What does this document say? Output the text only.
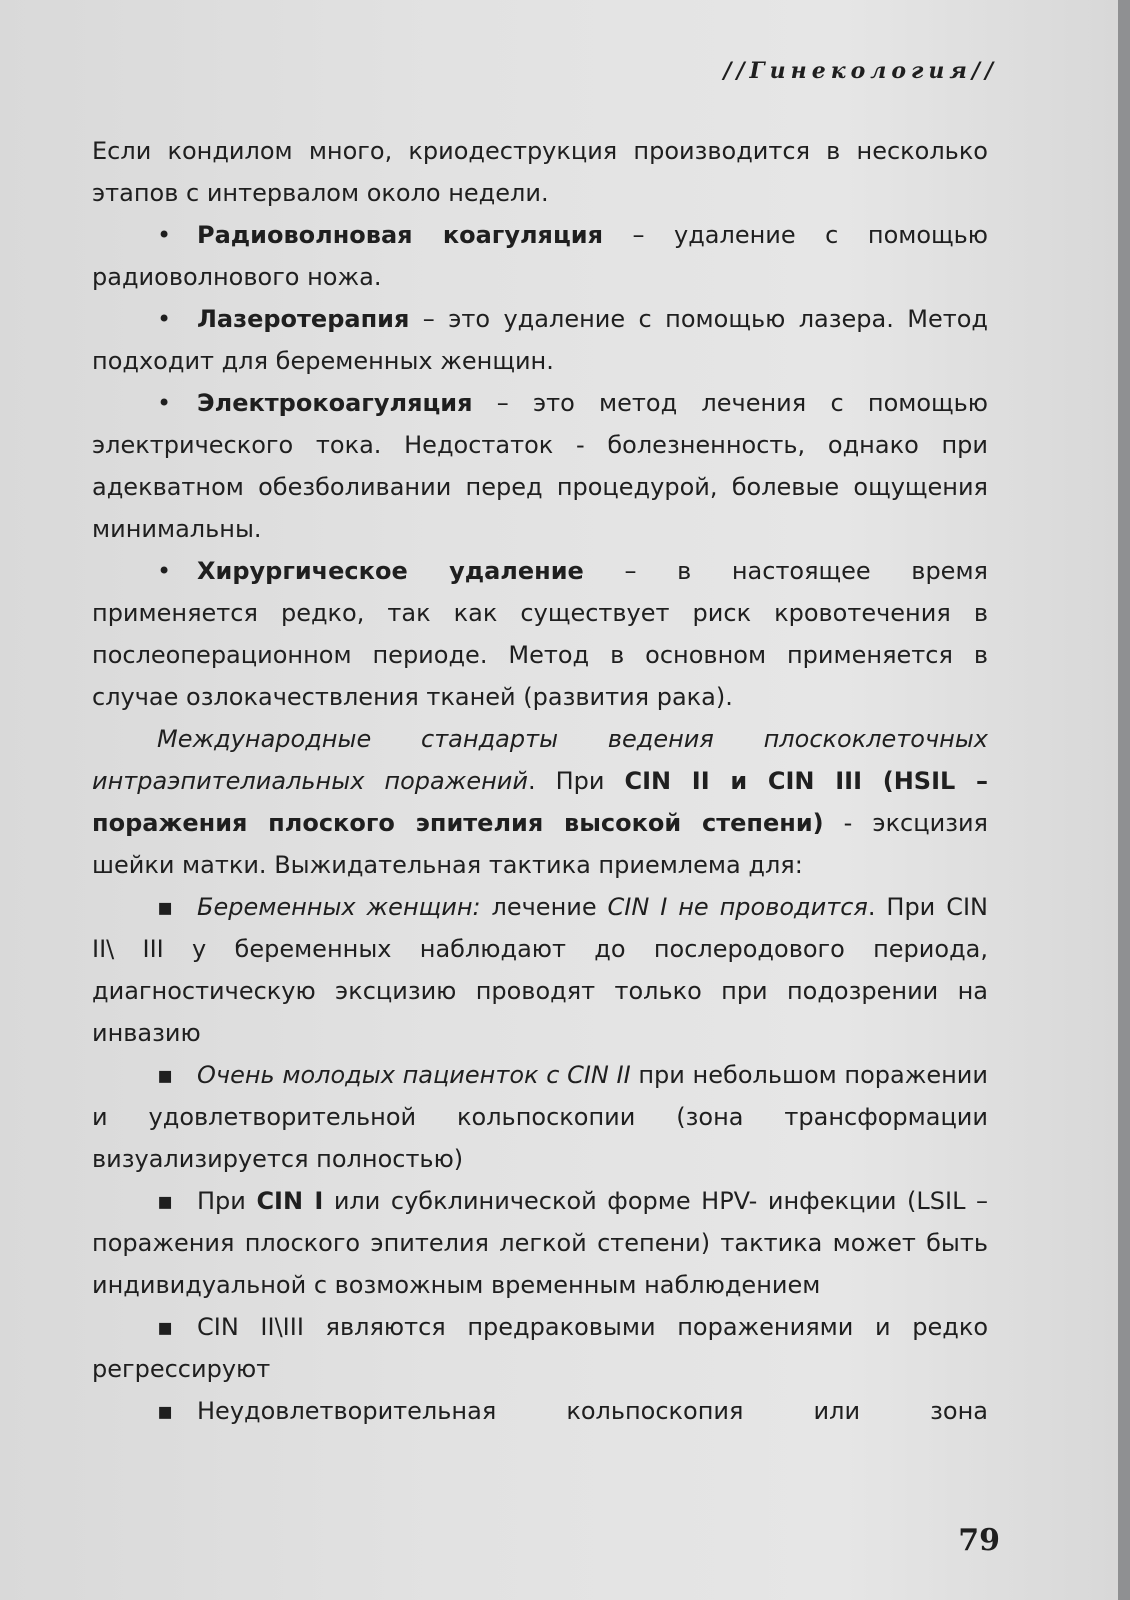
//Гинекология//

Если кондилом много, криодеструкция производится в несколько этапов с интервалом около недели.

• Радиоволновая коагуляция – удаление с помощью радиоволнового ножа.

• Лазеротерапия – это удаление с помощью лазера. Метод подходит для беременных женщин.

• Электрокоагуляция – это метод лечения с помощью электрического тока. Недостаток - болезненность, однако при адекватном обезболивании перед процедурой, болевые ощущения минимальны.

• Хирургическое удаление – в настоящее время применяется редко, так как существует риск кровотечения в послеоперационном периоде. Метод в основном применяется в случае озлокачествления тканей (развития рака).

Международные стандарты ведения плоскоклеточных интраэпителиальных поражений. При CIN II и CIN III (HSIL – поражения плоского эпителия высокой степени) - эксцизия шейки матки. Выжидательная тактика приемлема для:

▪ Беременных женщин: лечение CIN I не проводится. При CIN II\ III у беременных наблюдают до послеродового периода, диагностическую эксцизию проводят только при подозрении на инвазию

▪ Очень молодых пациенток с CIN II при небольшом поражении и удовлетворительной кольпоскопии (зона трансформации визуализируется полностью)

▪ При CIN I или субклинической форме HPV- инфекции (LSIL – поражения плоского эпителия легкой степени) тактика может быть индивидуальной с возможным временным наблюдением

▪ CIN II\III являются предраковыми поражениями и редко регрессируют

▪ Неудовлетворительная кольпоскопия или зона

79
